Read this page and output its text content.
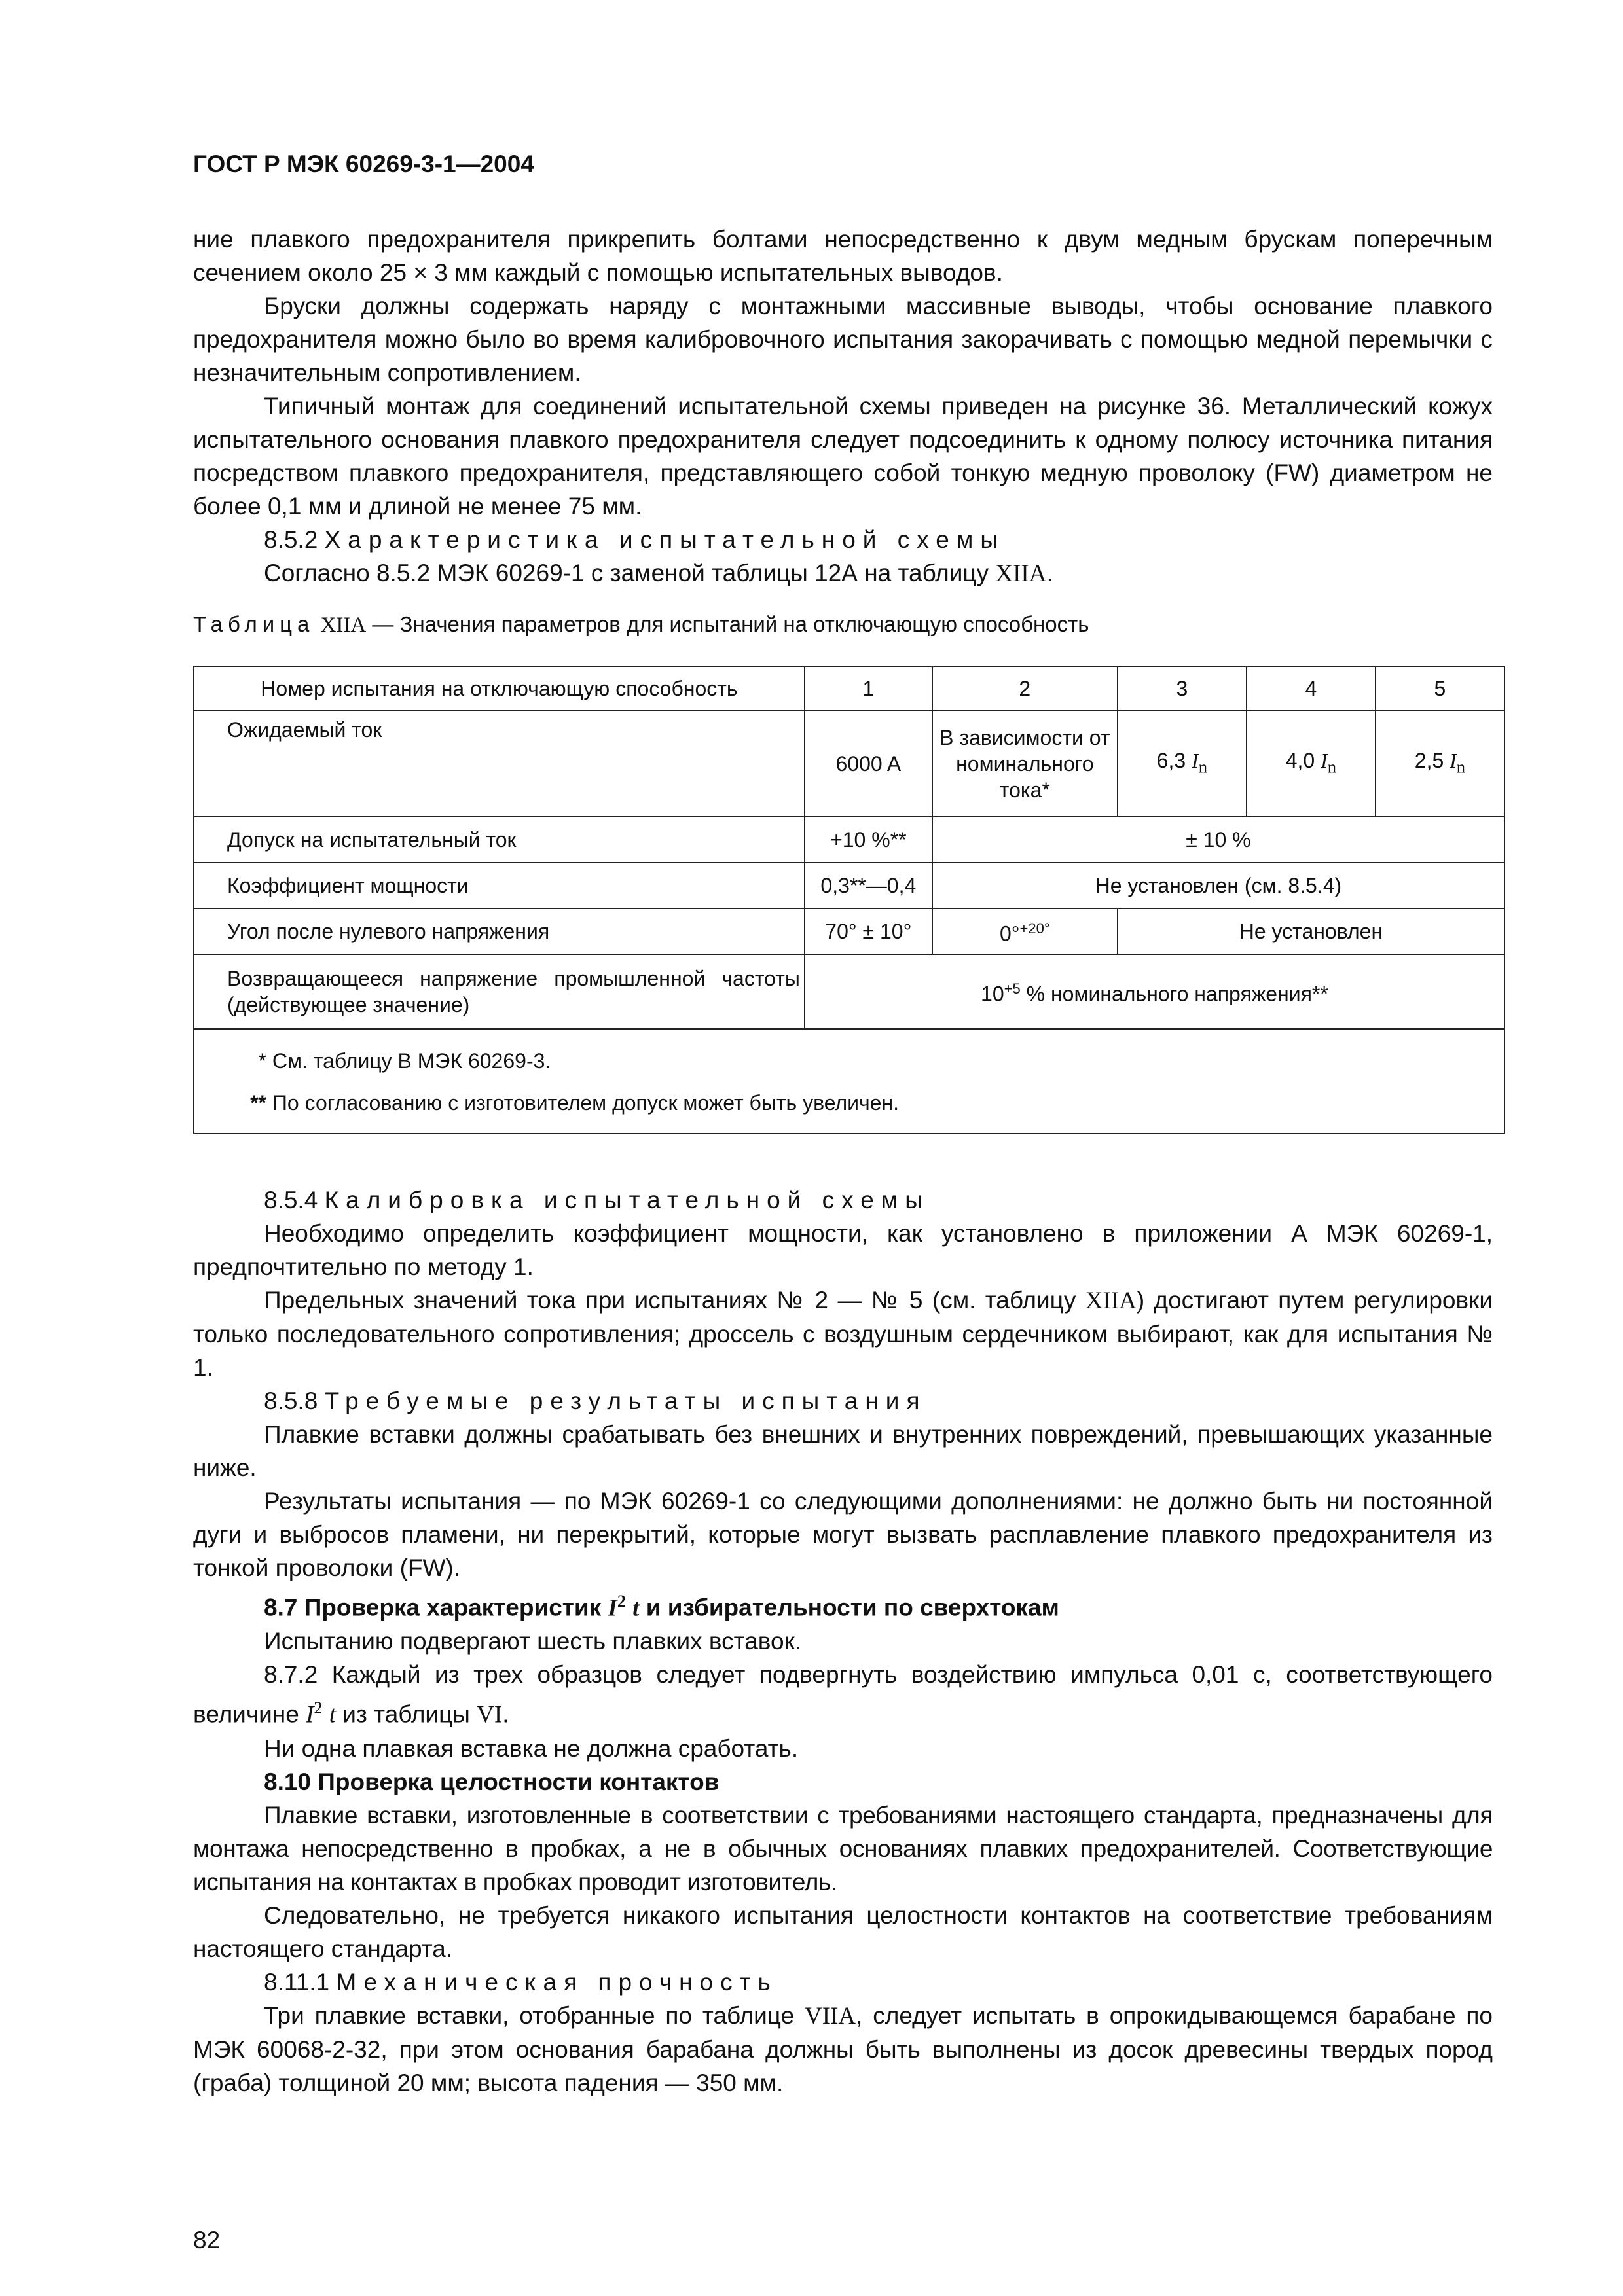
ГОСТ Р МЭК 60269-3-1—2004

ние плавкого предохранителя прикрепить болтами непосредственно к двум медным брускам поперечным сечением около 25 × 3 мм каждый с помощью испытательных выводов.

Бруски должны содержать наряду с монтажными массивные выводы, чтобы основание плавкого предохранителя можно было во время калибровочного испытания закорачивать с помощью медной перемычки с незначительным сопротивлением.

Типичный монтаж для соединений испытательной схемы приведен на рисунке 36. Металлический кожух испытательного основания плавкого предохранителя следует подсоединить к одному полюсу источника питания посредством плавкого предохранителя, представляющего собой тонкую медную проволоку (FW) диаметром не более 0,1 мм и длиной не менее 75 мм.

8.5.2 Характеристика испытательной схемы

Согласно 8.5.2 МЭК 60269-1 с заменой таблицы 12А на таблицу XIIA.

Таблица XIIA — Значения параметров для испытаний на отключающую способность
Номер испытания на отключающую способность	1	2	3	4	5
Ожидаемый ток	6000 A	В зависимости от номинального тока*	6,3 $I_n$	4,0 $I_n$	2,5 $I_n$
Допуск на испытательный ток	+10 %**	± 10 %			
Коэффициент мощности	0,3**—0,4	Не установлен (см. 8.5.4)			
Угол после нулевого напряжения	70° ± 10°	0°$^{+20^\circ}$	Не установлен		
Возвращающееся напряжение промышленной частоты (действующее значение)	$10^{+5}$ % номинального напряжения**				

* См. таблицу В МЭК 60269-3.
** По согласованию с изготовителем допуск может быть увеличен.					

8.5.4 Калибровка испытательной схемы

Необходимо определить коэффициент мощности, как установлено в приложении А МЭК 60269-1, предпочтительно по методу 1.

Предельных значений тока при испытаниях № 2 — № 5 (см. таблицу XIIA) достигают путем регулировки только последовательного сопротивления; дроссель с воздушным сердечником выбирают, как для испытания № 1.

8.5.8 Требуемые результаты испытания

Плавкие вставки должны срабатывать без внешних и внутренних повреждений, превышающих указанные ниже.

Результаты испытания — по МЭК 60269-1 со следующими дополнениями: не должно быть ни постоянной дуги и выбросов пламени, ни перекрытий, которые могут вызвать расплавление плавкого предохранителя из тонкой проволоки (FW).

8.7 Проверка характеристик $I^2$ t и избирательности по сверхтокам

Испытанию подвергают шесть плавких вставок.

8.7.2 Каждый из трех образцов следует подвергнуть воздействию импульса 0,01 с, соответствующего величине $I^2$ t из таблицы VI.

Ни одна плавкая вставка не должна сработать.

8.10 Проверка целостности контактов

Плавкие вставки, изготовленные в соответствии с требованиями настоящего стандарта, предназначены для монтажа непосредственно в пробках, а не в обычных основаниях плавких предохранителей. Соответствующие испытания на контактах в пробках проводит изготовитель.

Следовательно, не требуется никакого испытания целостности контактов на соответствие требованиям настоящего стандарта.

8.11.1 Механическая прочность

Три плавкие вставки, отобранные по таблице VIIA, следует испытать в опрокидывающемся барабане по МЭК 60068-2-32, при этом основания барабана должны быть выполнены из досок древесины твердых пород (граба) толщиной 20 мм; высота падения — 350 мм.

82
